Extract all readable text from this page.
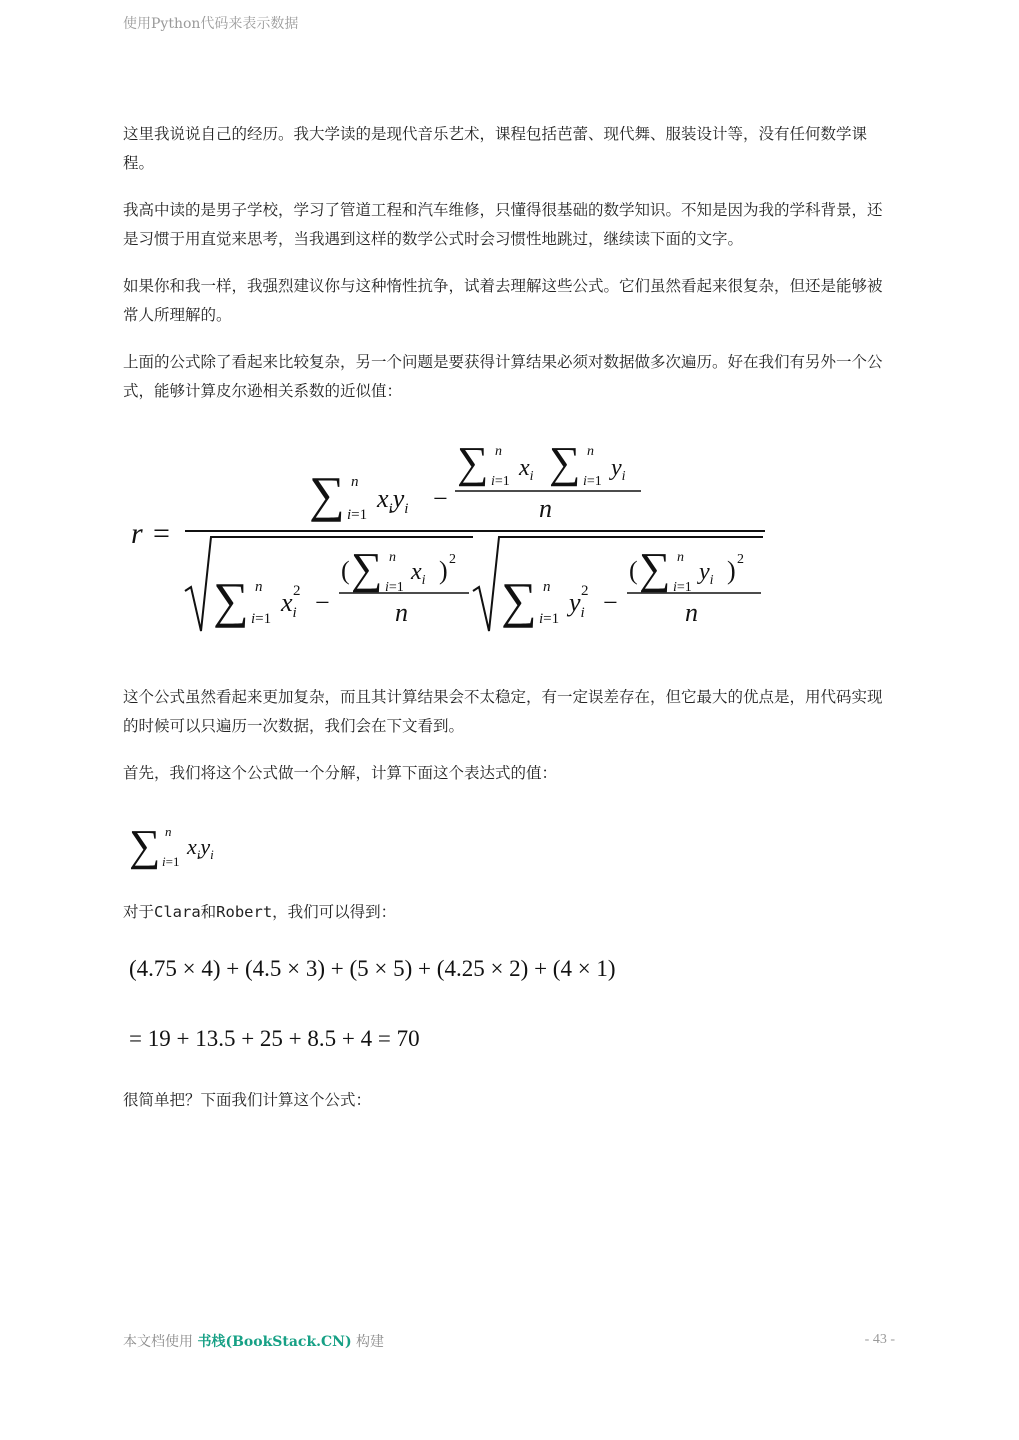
使用Python代码来表示数据

这里我说说自己的经历。我大学读的是现代音乐艺术，课程包括芭蕾、现代舞、服装设计等，没有任何数学课程。

我高中读的是男子学校，学习了管道工程和汽车维修，只懂得很基础的数学知识。不知是因为我的学科背景，还是习惯于用直觉来思考，当我遇到这样的数学公式时会习惯性地跳过，继续读下面的文字。

如果你和我一样，我强烈建议你与这种惰性抗争，试着去理解这些公式。它们虽然看起来很复杂，但还是能够被常人所理解的。

上面的公式除了看起来比较复杂，另一个问题是要获得计算结果必须对数据做多次遍历。好在我们有另外一个公式，能够计算皮尔逊相关系数的近似值：

r =
∑ n
i=1
$x_iy_i$ −
∑ n
i=1
$x_i$ ∑ n
i=1
$y_i$
n
∑ n
i=1
$x_i$
2 −
( ∑ n
i=1
$x_i$ ) 2
n ∑ n
i=1
$y_i$
2 −
( ∑ n
i=1
$y_i$ ) 2
n

这个公式虽然看起来更加复杂，而且其计算结果会不太稳定，有一定误差存在，但它最大的优点是，用代码实现的时候可以只遍历一次数据，我们会在下文看到。

首先，我们将这个公式做一个分解，计算下面这个表达式的值：

∑ n
i=1
$x_iy_i$

对于Clara和Robert，我们可以得到：

(4.75 × 4) + (4.5 × 3) + (5 × 5) + (4.25 × 2) + (4 × 1)
= 19 + 13.5 + 25 + 8.5 + 4 = 70

很简单把？下面我们计算这个公式：

本文档使用 书栈(BookStack.CN) 构建	- 43 -
